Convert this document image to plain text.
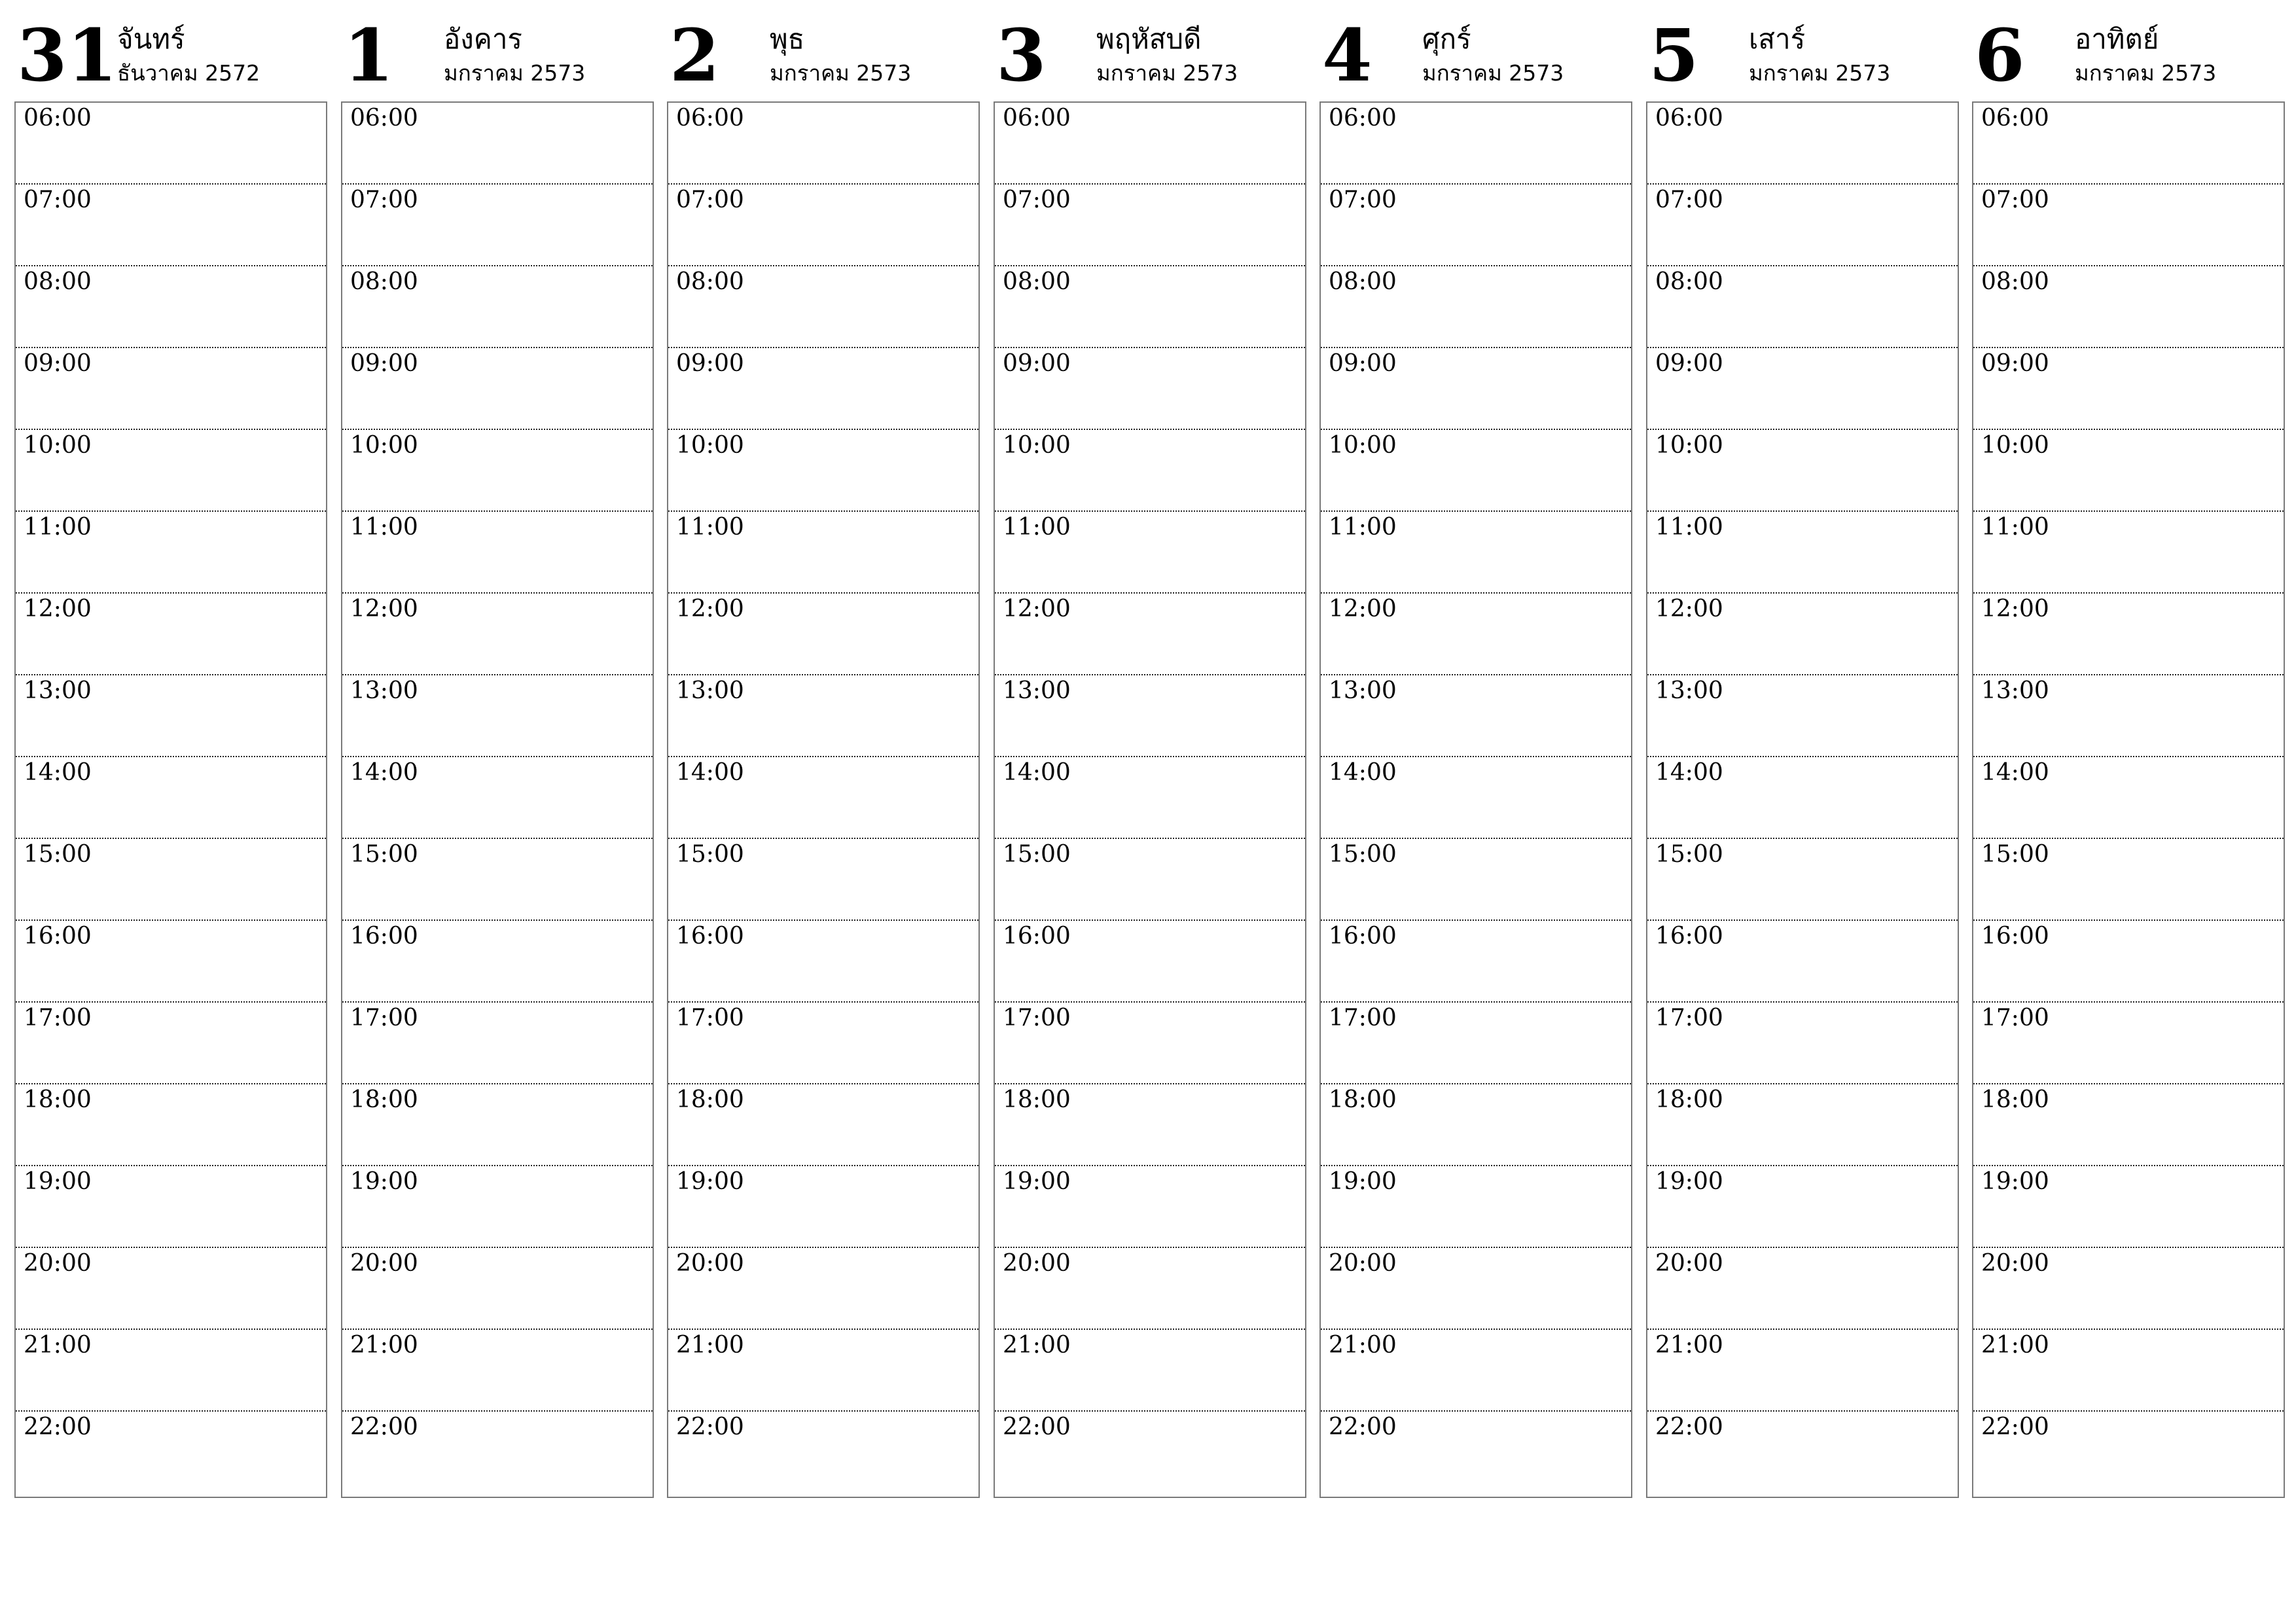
31 จันทร์
ธันวาคม 2572
06:00
07:00
08:00
09:00
10:00
11:00
12:00
13:00
14:00
15:00
16:00
17:00
18:00
19:00
20:00
21:00
22:00
1 อังคาร
มกราคม 2573
06:00
07:00
08:00
09:00
10:00
11:00
12:00
13:00
14:00
15:00
16:00
17:00
18:00
19:00
20:00
21:00
22:00
2 พุธ
มกราคม 2573
06:00
07:00
08:00
09:00
10:00
11:00
12:00
13:00
14:00
15:00
16:00
17:00
18:00
19:00
20:00
21:00
22:00
3 พฤหัสบดี
มกราคม 2573
06:00
07:00
08:00
09:00
10:00
11:00
12:00
13:00
14:00
15:00
16:00
17:00
18:00
19:00
20:00
21:00
22:00
4 ศุกร์
มกราคม 2573
06:00
07:00
08:00
09:00
10:00
11:00
12:00
13:00
14:00
15:00
16:00
17:00
18:00
19:00
20:00
21:00
22:00
5 เสาร์
มกราคม 2573
06:00
07:00
08:00
09:00
10:00
11:00
12:00
13:00
14:00
15:00
16:00
17:00
18:00
19:00
20:00
21:00
22:00
6 อาทิตย์
มกราคม 2573
06:00
07:00
08:00
09:00
10:00
11:00
12:00
13:00
14:00
15:00
16:00
17:00
18:00
19:00
20:00
21:00
22:00
